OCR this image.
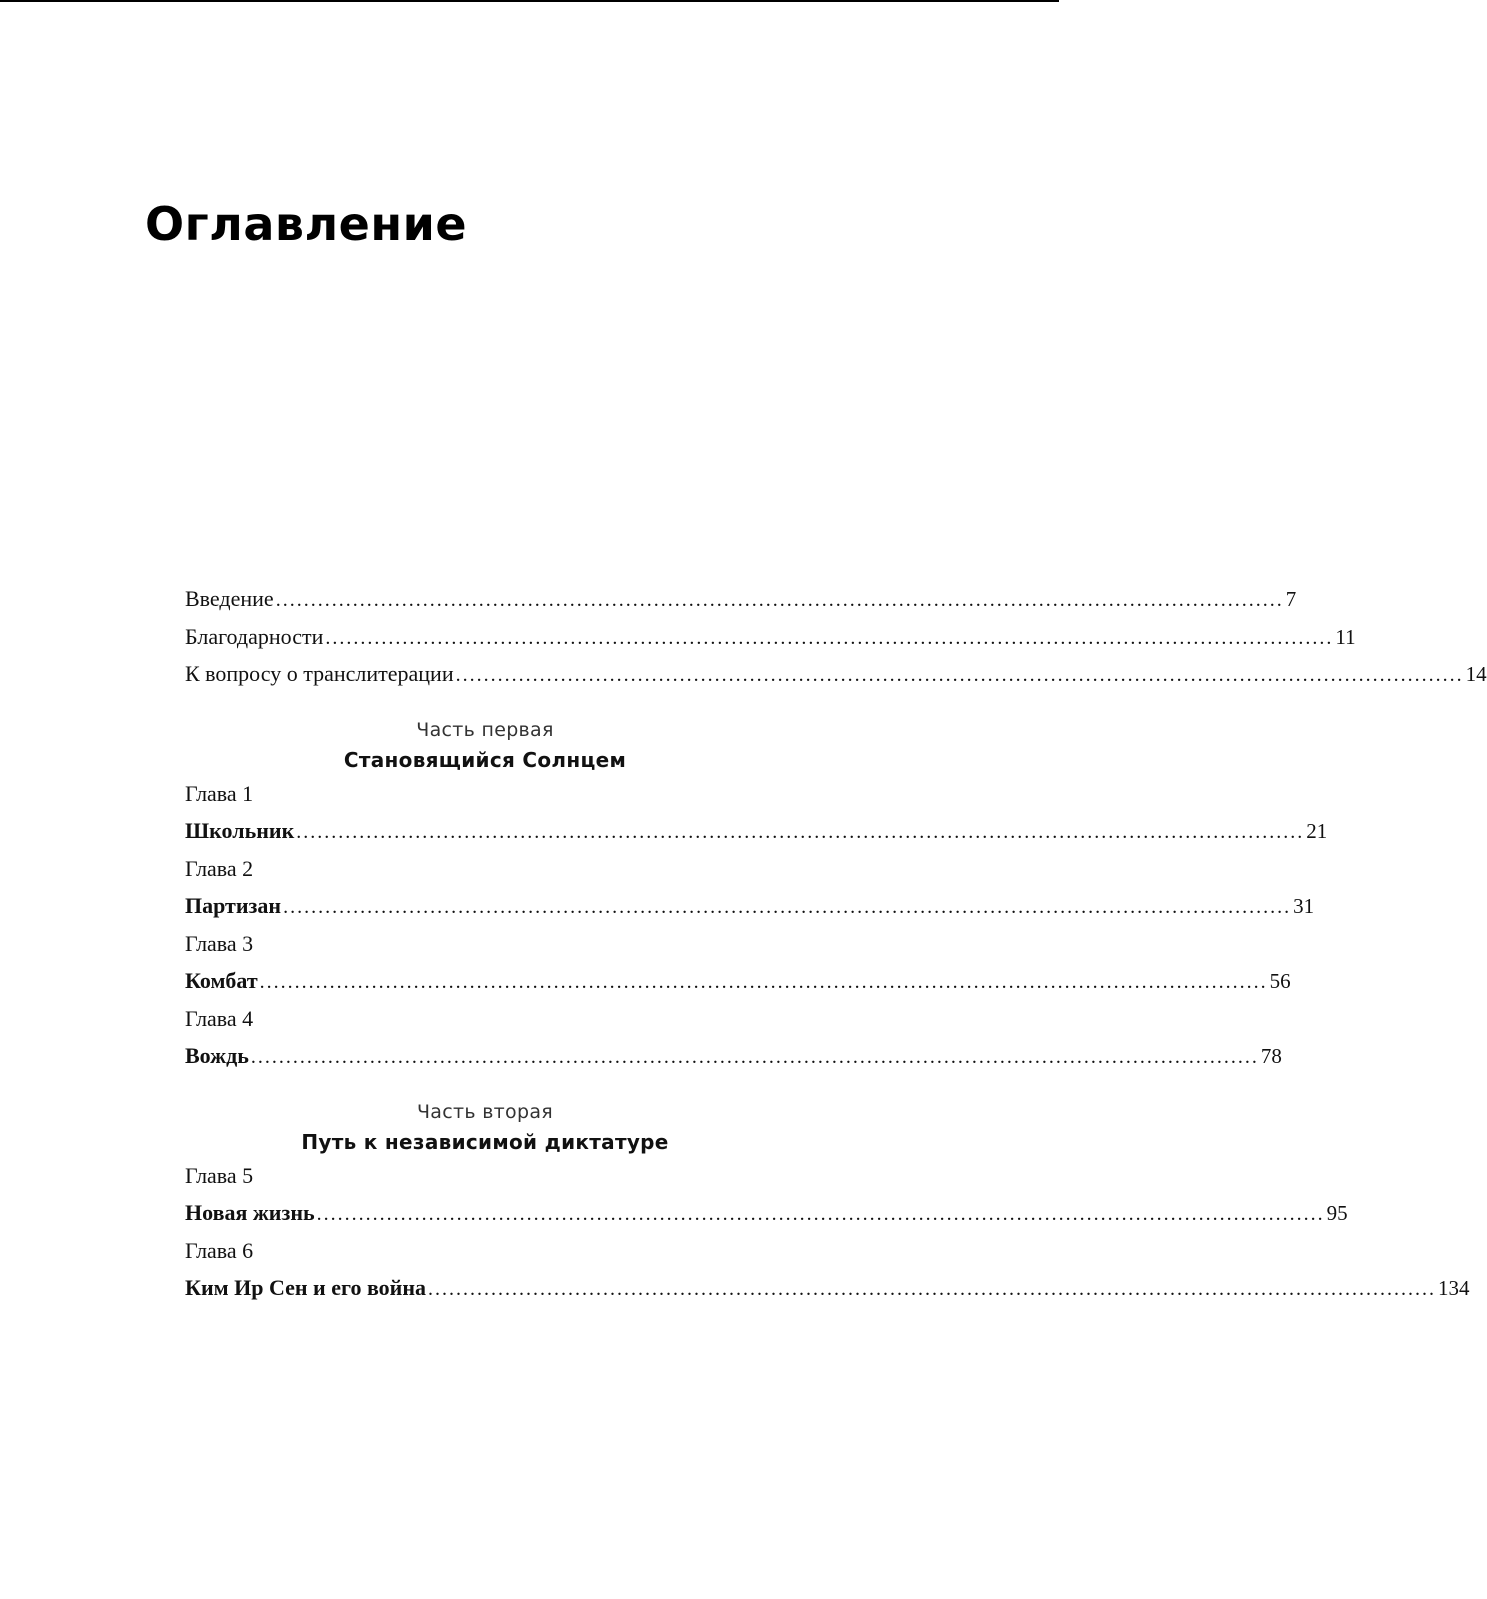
Оглавление
Введение ................................................................................................................................................ 7
Благодарности ................................................................................................................................................ 11
К вопросу о транслитерации ................................................................................................................................................ 14
Часть первая
Становящийся Солнцем
Глава 1
Школьник ................................................................................................................................................ 21
Глава 2
Партизан ................................................................................................................................................ 31
Глава 3
Комбат ................................................................................................................................................ 56
Глава 4
Вождь ................................................................................................................................................ 78
Часть вторая
Путь к независимой диктатуре
Глава 5
Новая жизнь ................................................................................................................................................ 95
Глава 6
Ким Ир Сен и его война ................................................................................................................................................ 134
